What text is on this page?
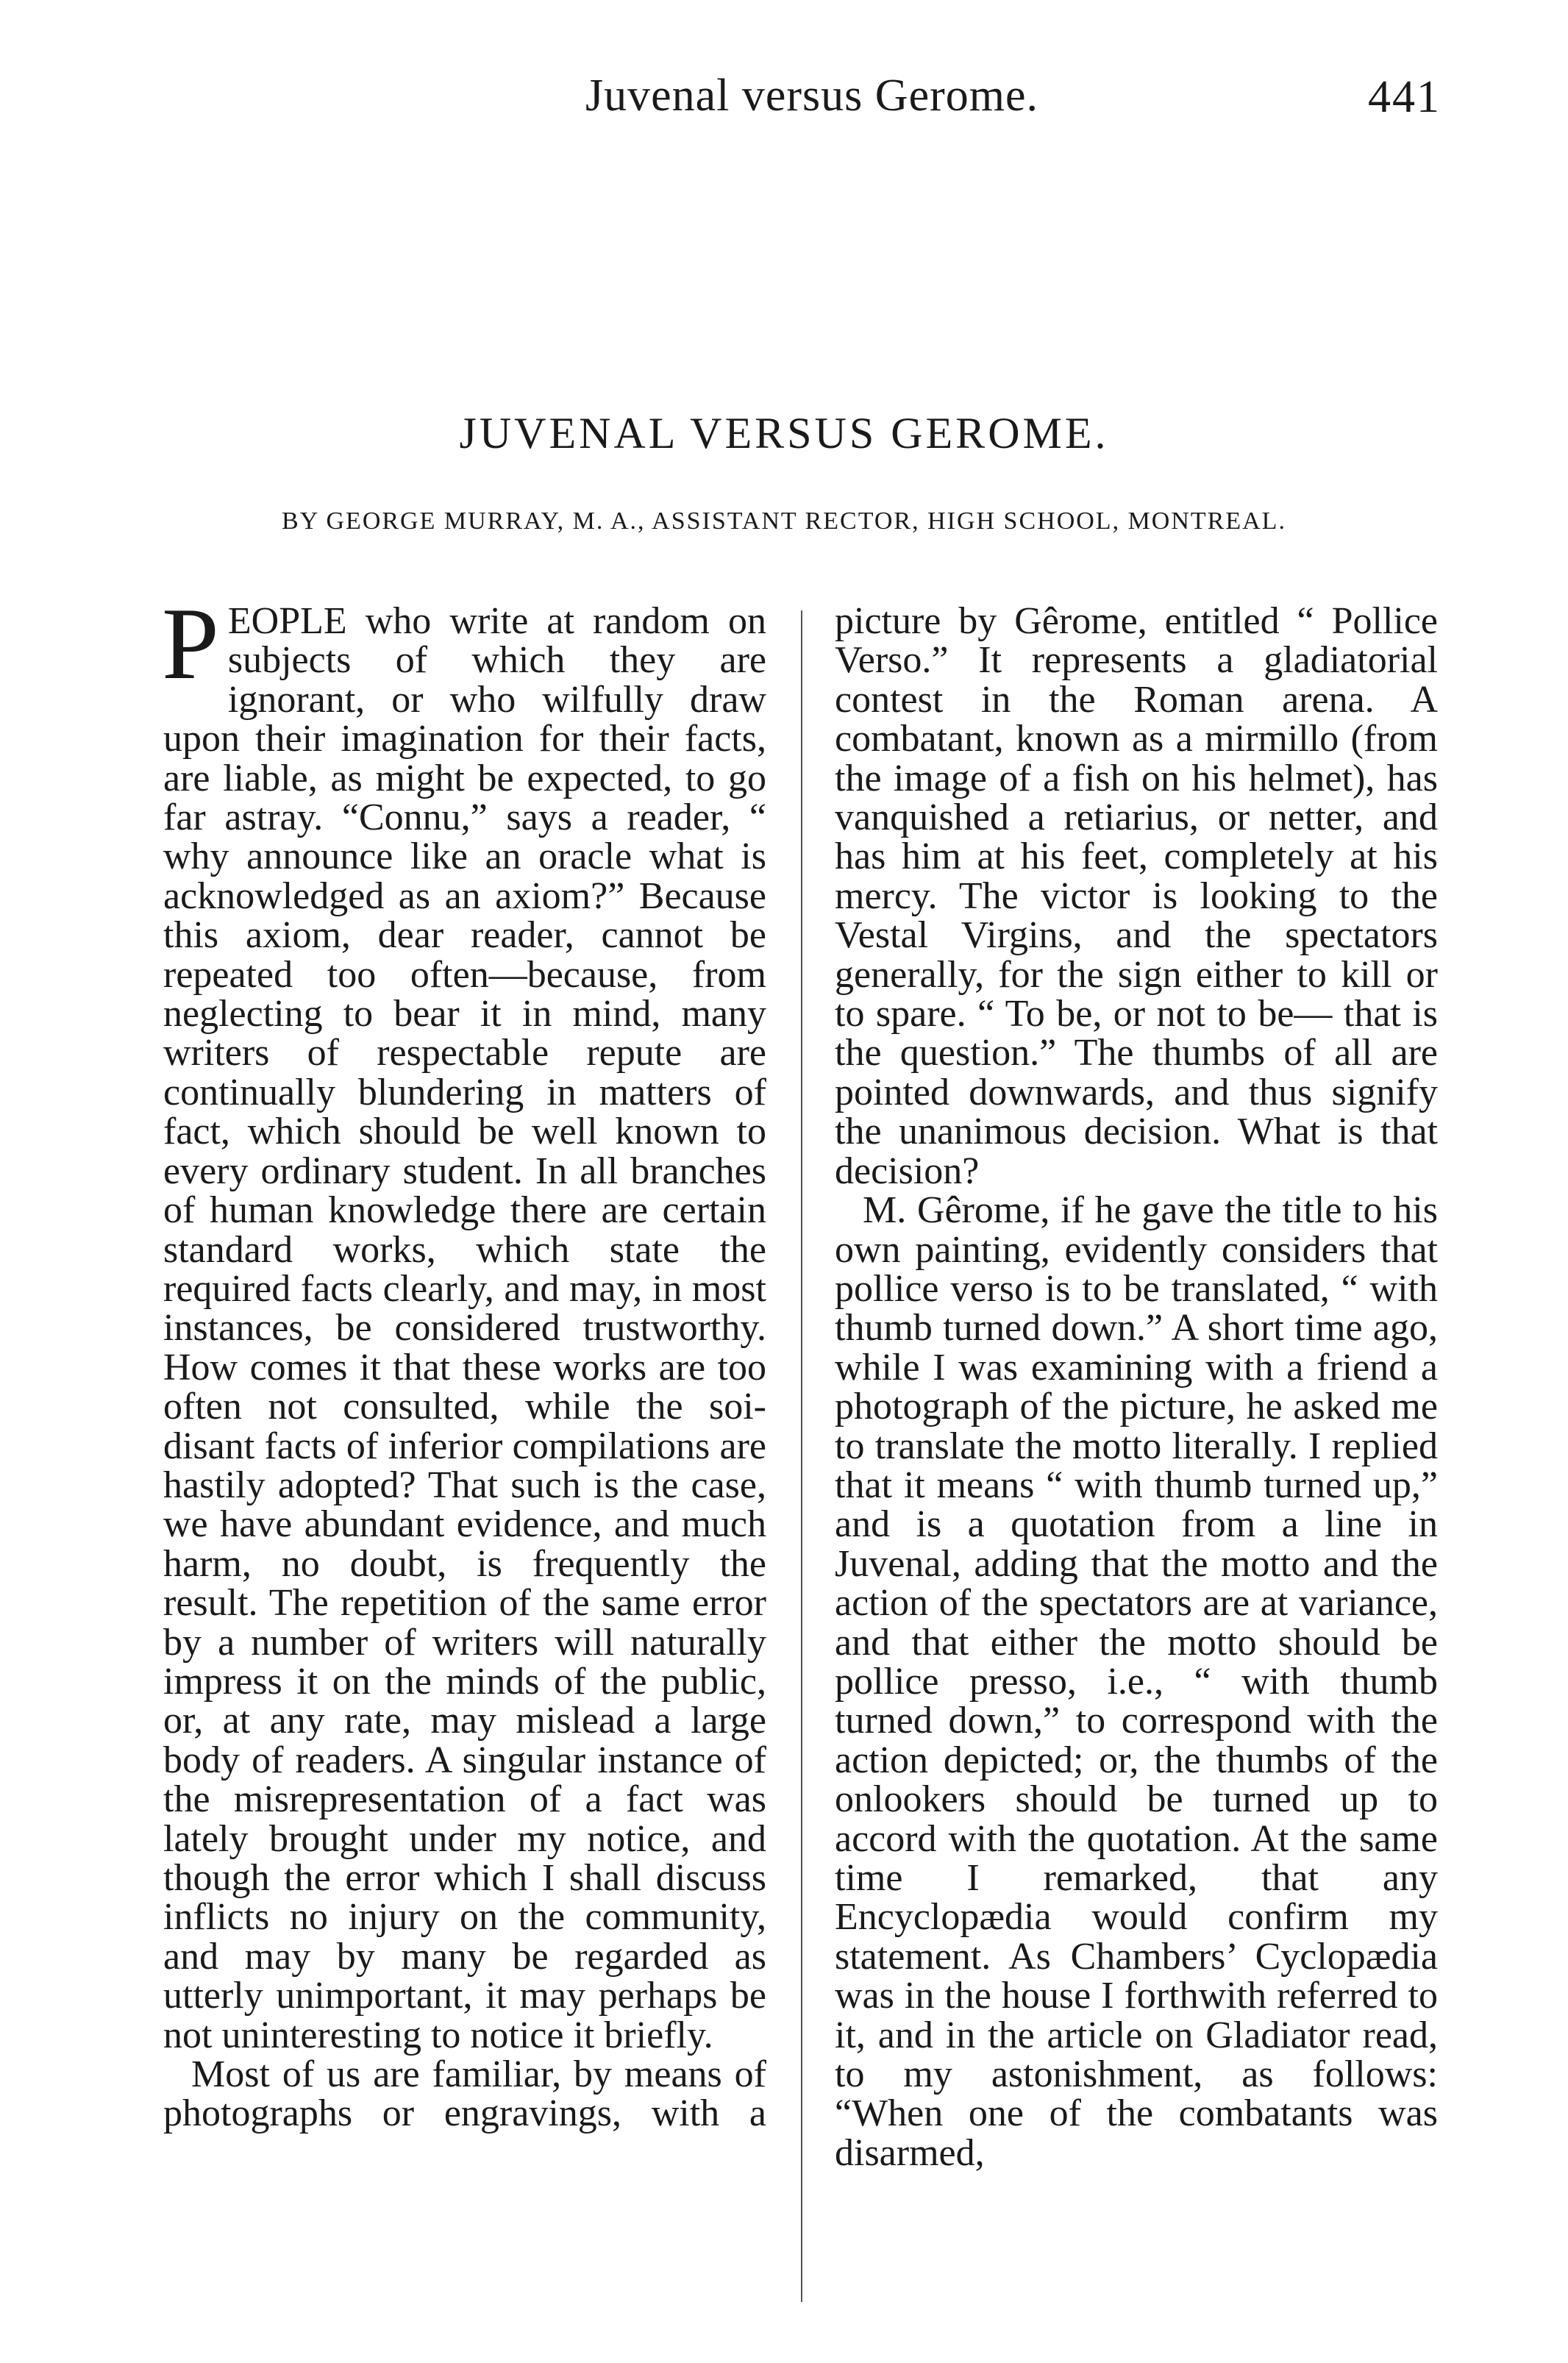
Juvenal versus Gerome.	441
JUVENAL VERSUS GEROME.
BY GEORGE MURRAY, M. A., ASSISTANT RECTOR, HIGH SCHOOL, MONTREAL.

PEOPLE who write at random on subjects of which they are ignorant, or who wilfully draw upon their imagination for their facts, are liable, as might be expected, to go far astray. “Connu,” says a reader, “ why announce like an oracle what is acknowledged as an axiom?” Because this axiom, dear reader, cannot be repeated too often—because, from neglecting to bear it in mind, many writers of respectable repute are continually blundering in matters of fact, which should be well known to every ordinary student. In all branches of human knowledge there are certain standard works, which state the required facts clearly, and may, in most instances, be considered trustworthy. How comes it that these works are too often not consulted, while the soi-disant facts of inferior compilations are hastily adopted? That such is the case, we have abundant evidence, and much harm, no doubt, is frequently the result. The repetition of the same error by a number of writers will naturally impress it on the minds of the public, or, at any rate, may mislead a large body of readers. A singular instance of the misrepresentation of a fact was lately brought under my notice, and though the error which I shall discuss inflicts no injury on the community, and may by many be regarded as utterly unimportant, it may perhaps be not uninteresting to notice it briefly.

Most of us are familiar, by means of photographs or engravings, with a

picture by Gêrome, entitled “ Pollice Verso.” It represents a gladiatorial contest in the Roman arena. A combatant, known as a mirmillo (from the image of a fish on his helmet), has vanquished a retiarius, or netter, and has him at his feet, completely at his mercy. The victor is looking to the Vestal Virgins, and the spectators generally, for the sign either to kill or to spare. “ To be, or not to be— that is the question.” The thumbs of all are pointed downwards, and thus signify the unanimous decision. What is that decision?

M. Gêrome, if he gave the title to his own painting, evidently considers that pollice verso is to be translated, “ with thumb turned down.” A short time ago, while I was examining with a friend a photograph of the picture, he asked me to translate the motto literally. I replied that it means “ with thumb turned up,” and is a quotation from a line in Juvenal, adding that the motto and the action of the spectators are at variance, and that either the motto should be pollice presso, i.e., “ with thumb turned down,” to correspond with the action depicted; or, the thumbs of the onlookers should be turned up to accord with the quotation. At the same time I remarked, that any Encyclopædia would confirm my statement. As Chambers’ Cyclopædia was in the house I forthwith referred to it, and in the article on Gladiator read, to my astonishment, as follows: “When one of the combatants was disarmed,
